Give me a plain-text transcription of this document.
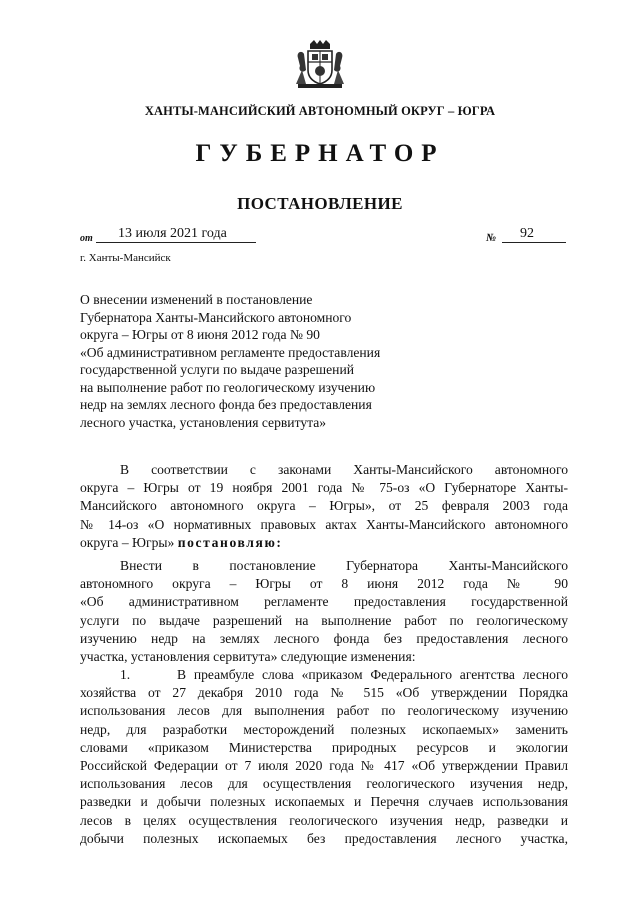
ХАНТЫ-МАНСИЙСКИЙ АВТОНОМНЫЙ ОКРУГ – ЮГРА
ГУБЕРНАТОР
ПОСТАНОВЛЕНИЕ
от 13 июля 2021 года	№ 92
г. Ханты-Мансийск
О внесении изменений в постановление
Губернатора Ханты-Мансийского автономного
округа – Югры от 8 июня 2012 года № 90
«Об административном регламенте предоставления
государственной услуги по выдаче разрешений
на выполнение работ по геологическому изучению
недр на землях лесного фонда без предоставления
лесного участка, установления сервитута»
В соответствии с законами Ханты-Мансийского автономного
округа – Югры от 19 ноября 2001 года № 75-оз «О Губернаторе Ханты-
Мансийского автономного округа – Югры», от 25 февраля 2003 года
№ 14-оз «О нормативных правовых актах Ханты-Мансийского автономного
округа – Югры» постановляю:
Внести в постановление Губернатора Ханты-Мансийского
автономного округа – Югры от 8 июня 2012 года № 90
«Об административном регламенте предоставления государственной
услуги по выдаче разрешений на выполнение работ по геологическому
изучению недр на землях лесного фонда без предоставления лесного
участка, установления сервитута» следующие изменения:
1.	В преамбуле слова «приказом Федерального агентства лесного
хозяйства от 27 декабря 2010 года № 515 «Об утверждении Порядка
использования лесов для выполнения работ по геологическому изучению
недр, для разработки месторождений полезных ископаемых» заменить
словами «приказом Министерства природных ресурсов и экологии
Российской Федерации от 7 июля 2020 года № 417 «Об утверждении Правил
использования лесов для осуществления геологического изучения недр,
разведки и добычи полезных ископаемых и Перечня случаев использования
лесов в целях осуществления геологического изучения недр, разведки и
добычи полезных ископаемых без предоставления лесного участка,
